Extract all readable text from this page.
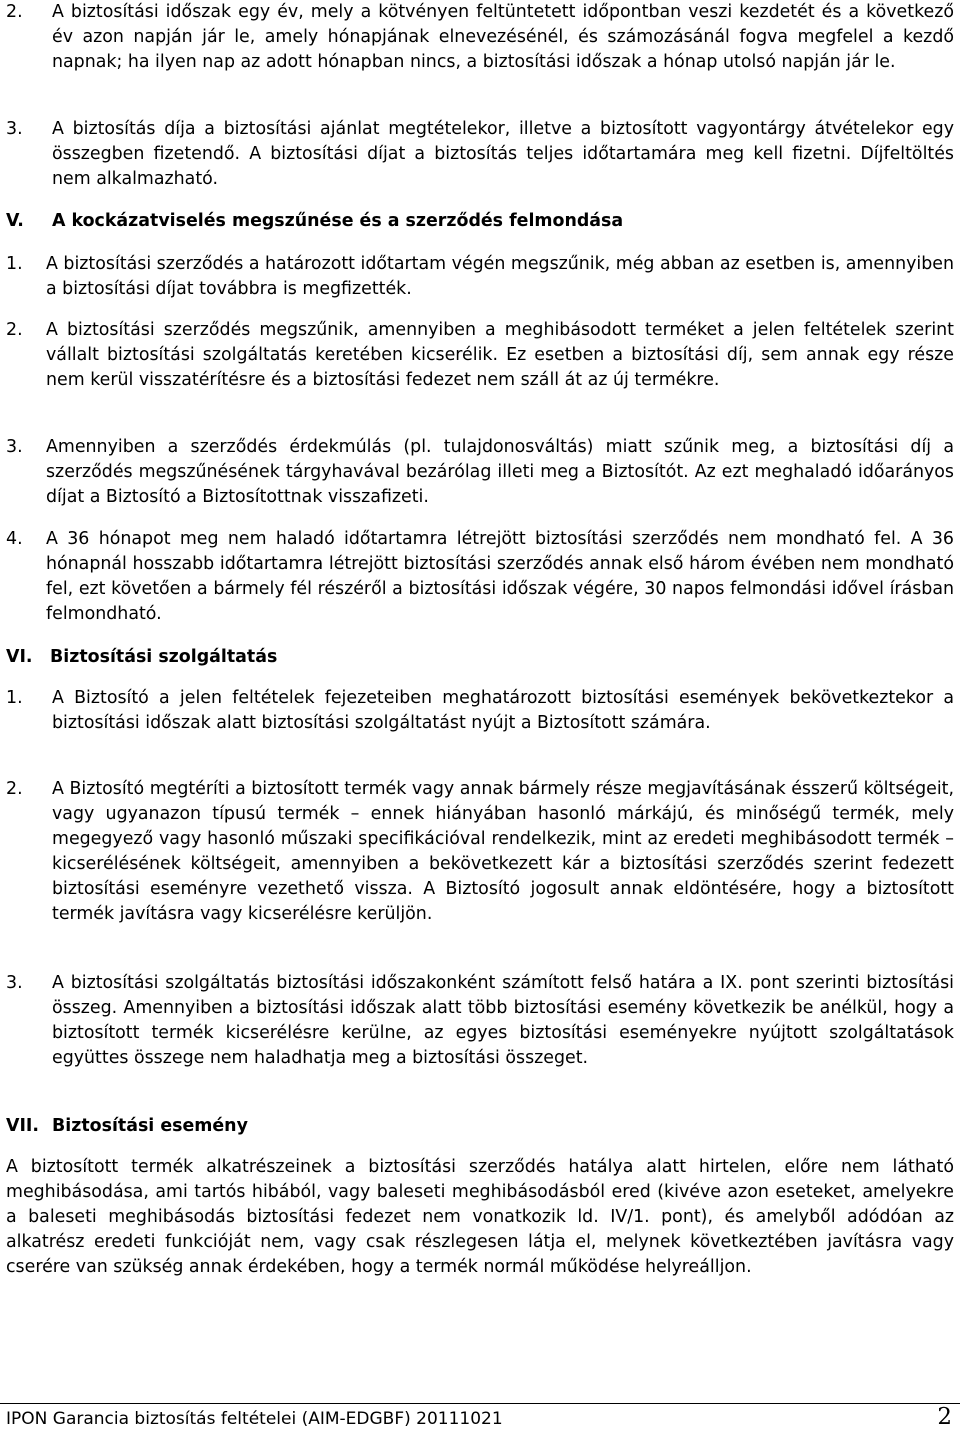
2. A biztosítási időszak egy év, mely a kötvényen feltüntetett időpontban veszi kezdetét és a következő év azon napján jár le, amely hónapjának elnevezésénél, és számozásánál fogva megfelel a kezdő napnak; ha ilyen nap az adott hónapban nincs, a biztosítási időszak a hónap utolsó napján jár le.
3. A biztosítás díja a biztosítási ajánlat megtételekor, illetve a biztosított vagyontárgy átvételekor egy összegben fizetendő. A biztosítási díjat a biztosítás teljes időtartamára meg kell fizetni. Díjfeltöltés nem alkalmazható.
V. A kockázatviselés megszűnése és a szerződés felmondása
1. A biztosítási szerződés a határozott időtartam végén megszűnik, még abban az esetben is, amennyiben a biztosítási díjat továbbra is megfizették.
2. A biztosítási szerződés megszűnik, amennyiben a meghibásodott terméket a jelen feltételek szerint vállalt biztosítási szolgáltatás keretében kicserélik. Ez esetben a biztosítási díj, sem annak egy része nem kerül visszatérítésre és a biztosítási fedezet nem száll át az új termékre.
3. Amennyiben a szerződés érdekmúlás (pl. tulajdonosváltás) miatt szűnik meg, a biztosítási díj a szerződés megszűnésének tárgyhavával bezárólag illeti meg a Biztosítót. Az ezt meghaladó időarányos díjat a Biztosító a Biztosítottnak visszafizeti.
4. A 36 hónapot meg nem haladó időtartamra létrejött biztosítási szerződés nem mondható fel. A 36 hónapnál hosszabb időtartamra létrejött biztosítási szerződés annak első három évében nem mondható fel, ezt követően a bármely fél részéről a biztosítási időszak végére, 30 napos felmondási idővel írásban felmondható.
VI. Biztosítási szolgáltatás
1. A Biztosító a jelen feltételek fejezeteiben meghatározott biztosítási események bekövetkeztekor a biztosítási időszak alatt biztosítási szolgáltatást nyújt a Biztosított számára.
2. A Biztosító megtéríti a biztosított termék vagy annak bármely része megjavításának ésszerű költségeit, vagy ugyanazon típusú termék – ennek hiányában hasonló márkájú, és minőségű termék, mely megegyező vagy hasonló műszaki specifikációval rendelkezik, mint az eredeti meghibásodott termék – kicserélésének költségeit, amennyiben a bekövetkezett kár a biztosítási szerződés szerint fedezett biztosítási eseményre vezethető vissza. A Biztosító jogosult annak eldöntésére, hogy a biztosított termék javításra vagy kicserélésre kerüljön.
3. A biztosítási szolgáltatás biztosítási időszakonként számított felső határa a IX. pont szerinti biztosítási összeg. Amennyiben a biztosítási időszak alatt több biztosítási esemény következik be anélkül, hogy a biztosított termék kicserélésre kerülne, az egyes biztosítási eseményekre nyújtott szolgáltatások együttes összege nem haladhatja meg a biztosítási összeget.
VII. Biztosítási esemény
A biztosított termék alkatrészeinek a biztosítási szerződés hatálya alatt hirtelen, előre nem látható meghibásodása, ami tartós hibából, vagy baleseti meghibásodásból ered (kivéve azon eseteket, amelyekre a baleseti meghibásodás biztosítási fedezet nem vonatkozik ld. IV/1. pont), és amelyből adódóan az alkatrész eredeti funkcióját nem, vagy csak részlegesen látja el, melynek következtében javításra vagy cserére van szükség annak érdekében, hogy a termék normál működése helyreálljon.
IPON Garancia biztosítás feltételei (AIM-EDGBF) 20111021	2
